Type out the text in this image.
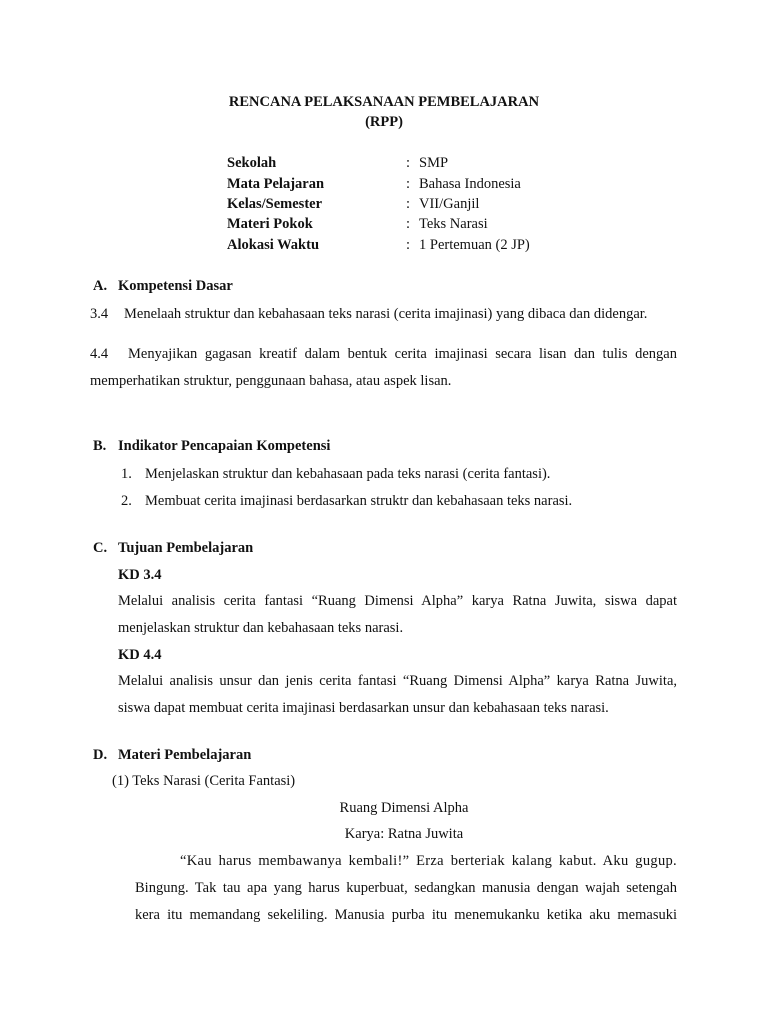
RENCANA PELAKSANAAN PEMBELAJARAN
(RPP)
Sekolah	: SMP
Mata Pelajaran	: Bahasa Indonesia
Kelas/Semester	: VII/Ganjil
Materi Pokok	: Teks Narasi
Alokasi Waktu	: 1 Pertemuan (2 JP)
A. Kompetensi Dasar
3.4 Menelaah struktur dan kebahasaan teks narasi (cerita imajinasi) yang dibaca dan didengar.
4.4 Menyajikan gagasan kreatif dalam bentuk cerita imajinasi secara lisan dan tulis dengan
memperhatikan struktur, penggunaan bahasa, atau aspek lisan.
B. Indikator Pencapaian Kompetensi
1. Menjelaskan struktur dan kebahasaan pada teks narasi (cerita fantasi).
2. Membuat cerita imajinasi berdasarkan struktr dan kebahasaan teks narasi.
C. Tujuan Pembelajaran
KD 3.4
Melalui analisis cerita fantasi “Ruang Dimensi Alpha” karya Ratna Juwita, siswa dapat
menjelaskan struktur dan kebahasaan teks narasi.
KD 4.4
Melalui analisis unsur dan jenis cerita fantasi “Ruang Dimensi Alpha” karya Ratna Juwita,
siswa dapat membuat cerita imajinasi berdasarkan unsur dan kebahasaan teks narasi.
D. Materi Pembelajaran
(1) Teks Narasi (Cerita Fantasi)
Ruang Dimensi Alpha
Karya: Ratna Juwita
“Kau harus membawanya kembali!” Erza berteriak kalang kabut. Aku gugup.
Bingung. Tak tau apa yang harus kuperbuat, sedangkan manusia dengan wajah setengah
kera itu memandang sekeliling. Manusia purba itu menemukanku ketika aku memasuki
